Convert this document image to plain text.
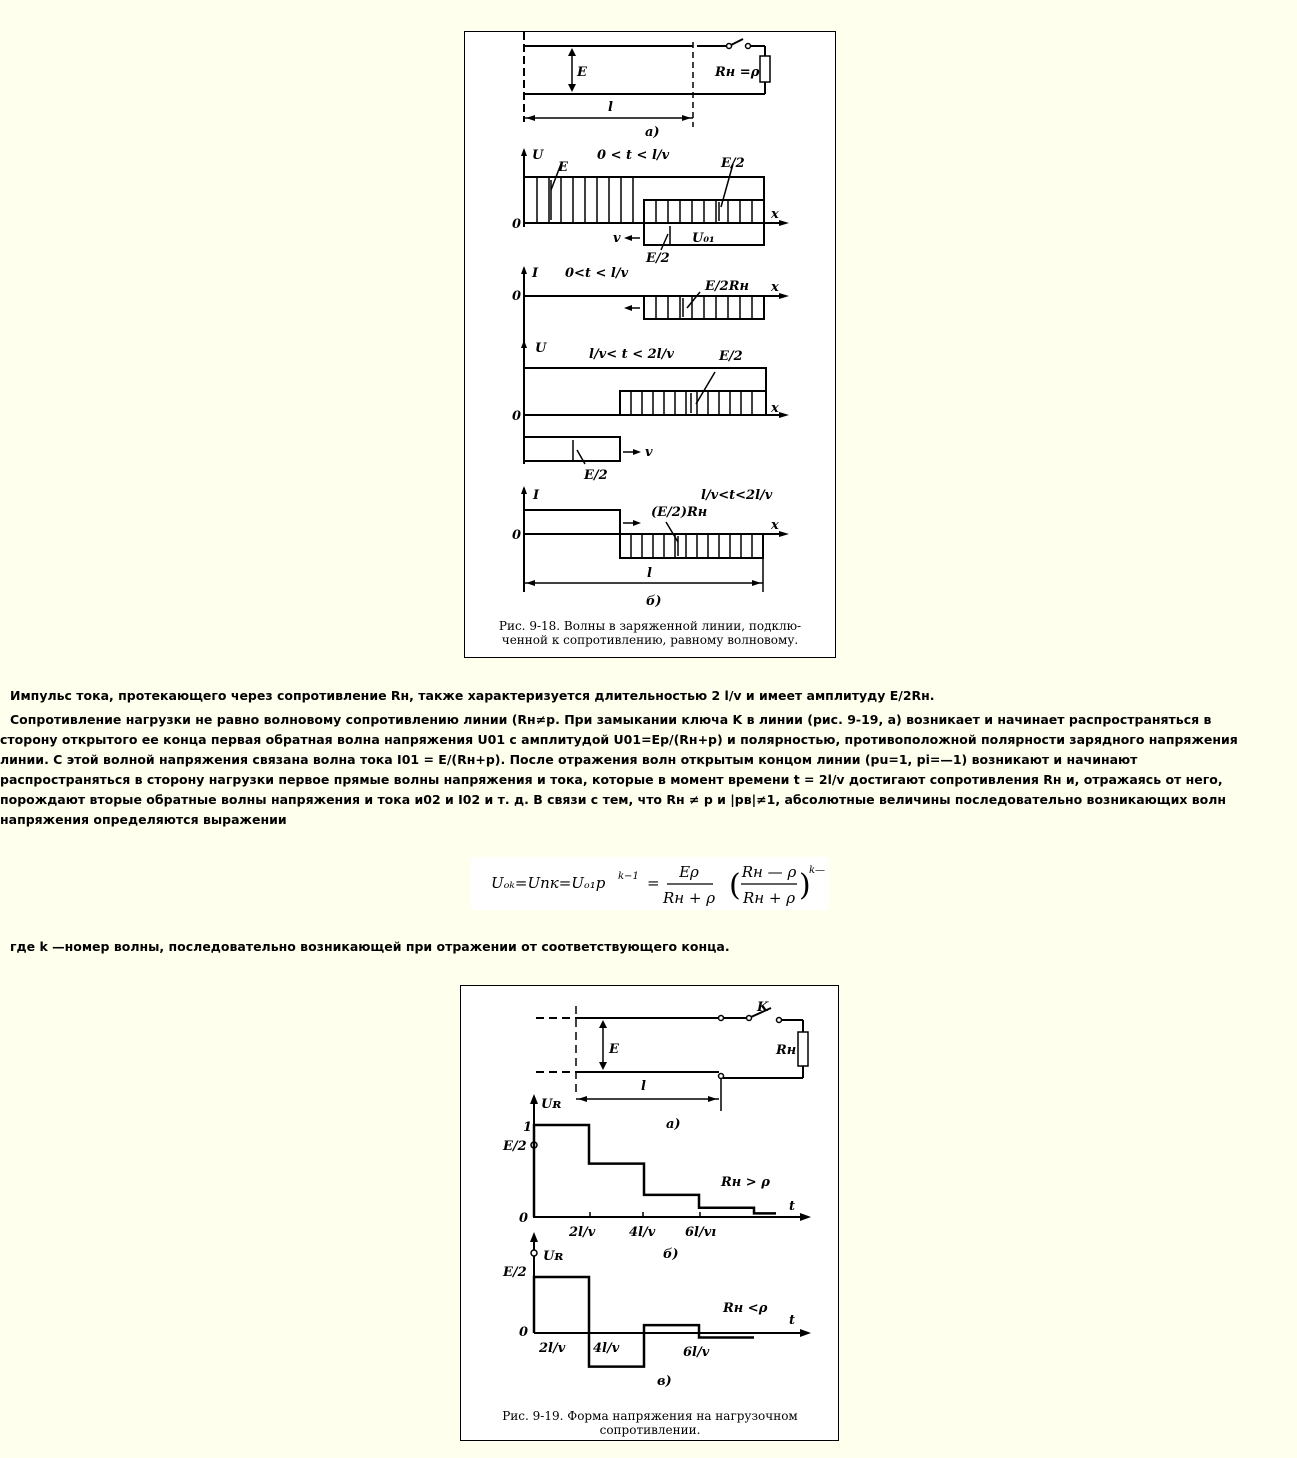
E	Rн =ρ
l
a)
U	0 < t < l/v
E	E/2
0
x
v	U₀₁
E/2
I 0<t < l/v
E/2Rн
0
x
U	l/v< t < 2l/v	E/2
0
x
v
E/2
I	l/v<t<2l/v
(E/2)Rн
0
x
l
б)
Рис. 9-18. Волны в заряженной линии, подклю-
ченной к сопротивлению, равному волновому.
Импульс тока, протекающего через сопротивление Rн, также характеризуется длительностью 2 l/v и имеет амплитуду E/2Rн.
Сопротивление нагрузки не равно волновому сопротивлению линии (Rн≠p. При замыкании ключа K в линии (рис. 9-19, а) возникает и начинает распространяться в
сторону открытого ее конца первая обратная волна напряжения U01 с амплитудой U01=Ep/(Rн+p) и полярностью, противоположной полярности зарядного напряжения
линии. С этой волной напряжения связана волна тока I01 = E/(Rн+p). После отражения волн открытым концом линии (pu=1, pi=—1) возникают и начинают
распространяться в сторону нагрузки первое прямые волны напряжения и тока, которые в момент времени t = 2l/v достигают сопротивления Rн и, отражаясь от него,
порождают вторые обратные волны напряжения и тока и02 и I02 и т. д. В связи с тем, что Rн ≠ p и |pв|≠1, абсолютные величины последовательно возникающих волн
напряжения определяются выражении
Uₒₖ=Uпк=Uₒ₁p k−1 =
Eρ
Rн + ρ
Rн — ρ
Rн + ρ
k—
( )
где k —номер волны, последовательно возникающей при отражении от соответствующего конца.
K
E	Rн
l
a)
Uʀ
1
E/2
0
Rн > ρ
t
2l/v	4l/v 6l/vı
б)
Uʀ
E/2
0
Rн <ρ
t
2l/v 4l/v	6l/v
в)
Рис. 9-19. Форма напряжения на нагрузочном
сопротивлении.
